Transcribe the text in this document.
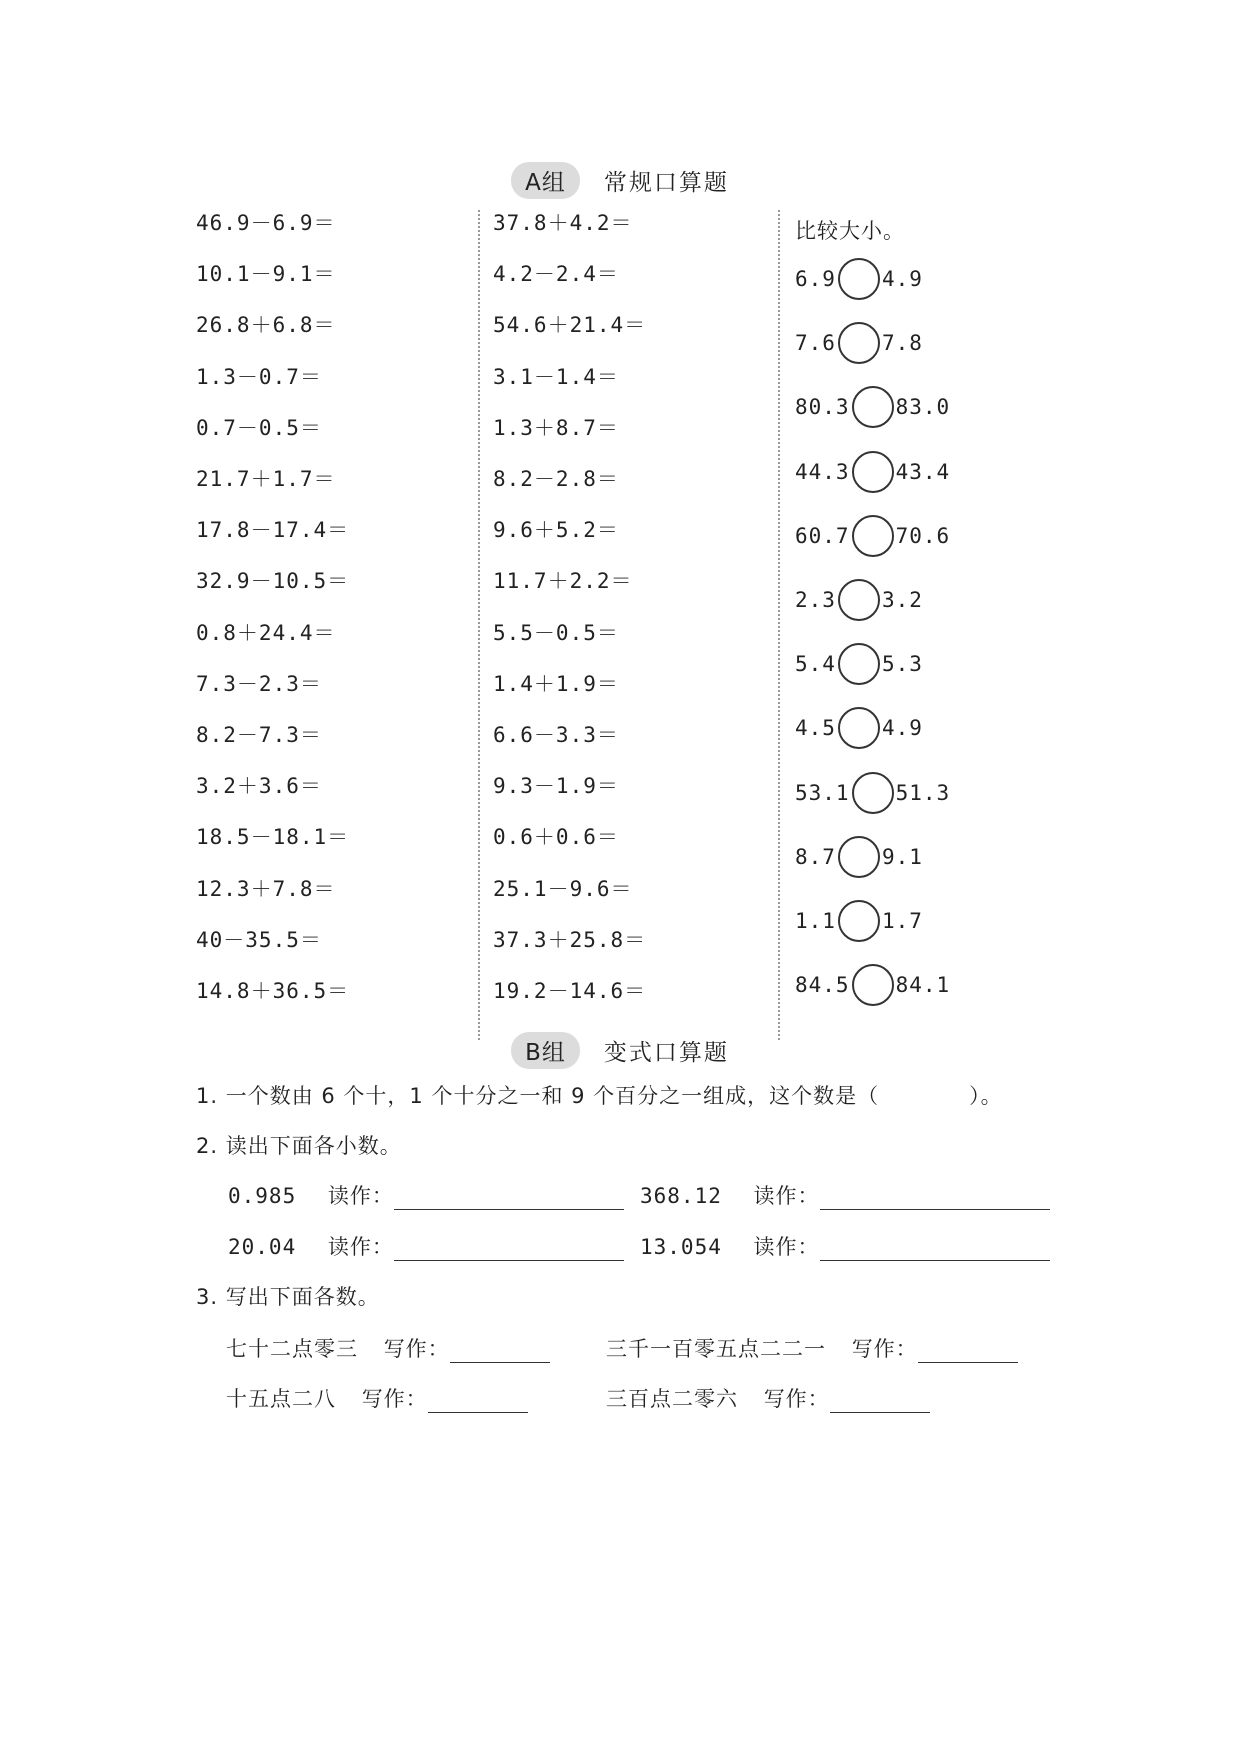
A组	常规口算题
46.9－6.9＝
10.1－9.1＝
26.8＋6.8＝
1.3－0.7＝
0.7－0.5＝
21.7＋1.7＝
17.8－17.4＝
32.9－10.5＝
0.8＋24.4＝
7.3－2.3＝
8.2－7.3＝
3.2＋3.6＝
18.5－18.1＝
12.3＋7.8＝
40－35.5＝
14.8＋36.5＝
37.8＋4.2＝
4.2－2.4＝
54.6＋21.4＝
3.1－1.4＝
1.3＋8.7＝
8.2－2.8＝
9.6＋5.2＝
11.7＋2.2＝
5.5－0.5＝
1.4＋1.9＝
6.6－3.3＝
9.3－1.9＝
0.6＋0.6＝
25.1－9.6＝
37.3＋25.8＝
19.2－14.6＝
比较大小。
6.9 4.9
7.6 7.8
80.3 83.0
44.3 43.4
60.7 70.6
2.3 3.2
5.4 5.3
4.5 4.9
53.1 51.3
8.7 9.1
1.1 1.7
84.5 84.1
B组	变式口算题
1. 一个数由 6 个十，1 个十分之一和 9 个百分之一组成，这个数是（	）。
2. 读出下面各小数。
0.985 读作：	368.12 读作：
20.04 读作：	13.054 读作：
3. 写出下面各数。
七十二点零三 写作：	三千一百零五点二二一 写作：
十五点二八 写作：	三百点二零六 写作：
